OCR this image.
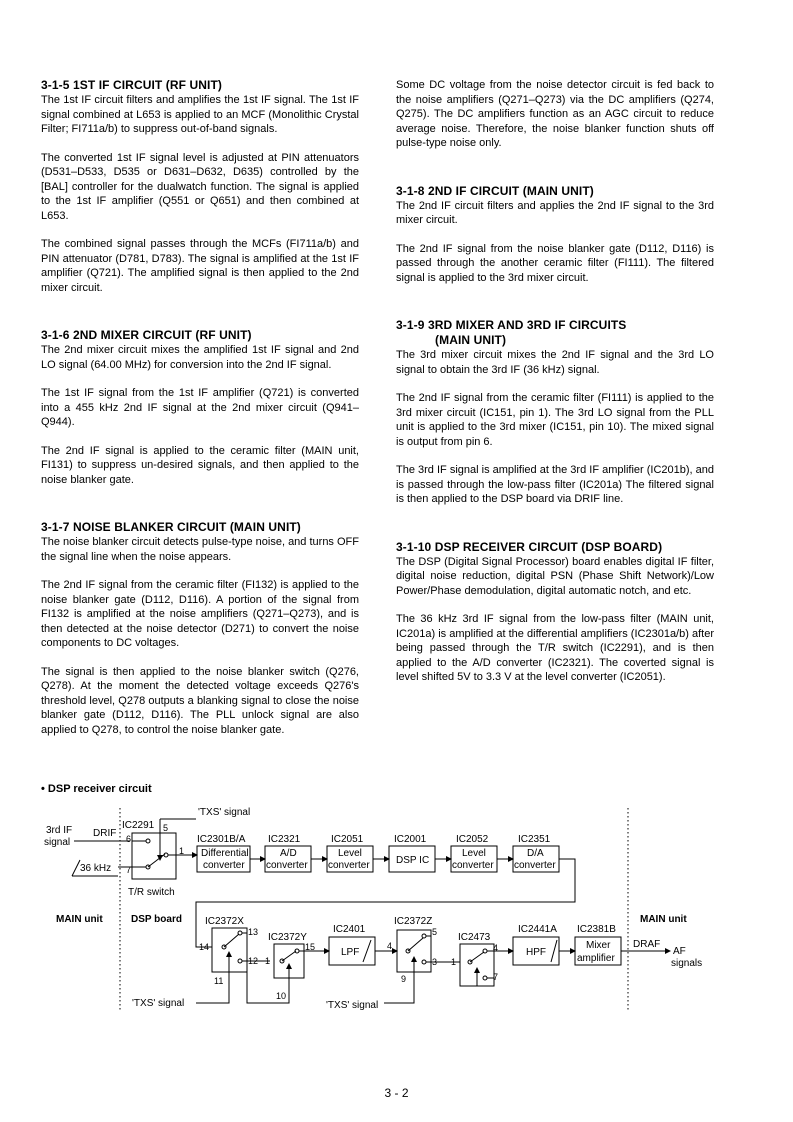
3-1-5 1ST IF CIRCUIT (RF UNIT)

The 1st IF circuit filters and amplifies the 1st IF signal. The 1st IF signal combined at L653 is applied to an MCF (Monolithic Crystal Filter; FI711a/b) to suppress out-of-band signals.

The converted 1st IF signal level is adjusted at PIN attenuators (D531–D533, D535 or D631–D632, D635) controlled by the [BAL] controller for the dualwatch function. The signal is applied to the 1st IF amplifier (Q551 or Q651) and then combined at L653.

The combined signal passes through the MCFs (FI711a/b) and PIN attenuator (D781, D783). The signal is amplified at the 1st IF amplifier (Q721). The amplified signal is then applied to the 2nd mixer circuit.

3-1-6 2ND MIXER CIRCUIT (RF UNIT)

The 2nd mixer circuit mixes the amplified 1st IF signal and 2nd LO signal (64.00 MHz) for conversion into the 2nd IF signal.

The 1st IF signal from the 1st IF amplifier (Q721) is converted into a 455 kHz 2nd IF signal at the 2nd mixer circuit (Q941–Q944).

The 2nd IF signal is applied to the ceramic filter (MAIN unit, FI131) to suppress un-desired signals, and then applied to the noise blanker gate.

3-1-7 NOISE BLANKER CIRCUIT (MAIN UNIT)

The noise blanker circuit detects pulse-type noise, and turns OFF the signal line when the noise appears.

The 2nd IF signal from the ceramic filter (FI132) is applied to the noise blanker gate (D112, D116). A portion of the signal from FI132 is amplified at the noise amplifiers (Q271–Q273), and is then detected at the noise detector (D271) to convert the noise components to DC voltages.

The signal is then applied to the noise blanker switch (Q276, Q278). At the moment the detected voltage exceeds Q276's threshold level, Q278 outputs a blanking signal to close the noise blanker gate (D112, D116). The PLL unlock signal are also applied to Q278, to control the noise blanker gate.

Some DC voltage from the noise detector circuit is fed back to the noise amplifiers (Q271–Q273) via the DC amplifiers (Q274, Q275). The DC amplifiers function as an AGC circuit to reduce average noise. Therefore, the noise blanker function shuts off pulse-type noise only.

3-1-8 2ND IF CIRCUIT (MAIN UNIT)

The 2nd IF circuit filters and applies the 2nd IF signal to the 3rd mixer circuit.

The 2nd IF signal from the noise blanker gate (D112, D116) is passed through the another ceramic filter (FI111). The filtered signal is applied to the 3rd mixer circuit.

3-1-9 3RD MIXER AND 3RD IF CIRCUITS
(MAIN UNIT)

The 3rd mixer circuit mixes the 2nd IF signal and the 3rd LO signal to obtain the 3rd IF (36 kHz) signal.

The 2nd IF signal from the ceramic filter (FI111) is applied to the 3rd mixer circuit (IC151, pin 1). The 3rd LO signal from the PLL unit is applied to the 3rd mixer (IC151, pin 10). The mixed signal is output from pin 6.

The 3rd IF signal is amplified at the 3rd IF amplifier (IC201b), and is passed through the low-pass filter (IC201a) The filtered signal is then applied to the DSP board via DRIF line.

3-1-10 DSP RECEIVER CIRCUIT (DSP BOARD)

The DSP (Digital Signal Processor) board enables digital IF filter, digital noise reduction, digital PSN (Phase Shift Network)/Low Power/Phase demodulation, digital automatic notch, and etc.

The 36 kHz 3rd IF signal from the low-pass filter (MAIN unit, IC201a) is amplified at the differential amplifiers (IC2301a/b) after being passed through the T/R switch (IC2291), and is then applied to the A/D converter (IC2321). The coverted signal is level shifted 5V to 3.3 V at the level converter (IC2051).

• DSP receiver circuit
3rd IF
signal
DRIF
36 kHz
IC2291
6
7
5
1
'TXS' signal
T/R switch
IC2301B/A
Differential
converter
IC2321
A/D
converter
IC2051
Level
converter
IC2001
DSP IC
IC2052
Level
converter
IC2351
D/A
converter
MAIN unit	DSP board	MAIN unit
IC2372X
14
13
12
11
'TXS' signal
IC2372Y
1
15
10
IC2401
LPF
IC2372Z
4
5
3
9
'TXS' signal
IC2473
1
4
7
IC2441A
HPF
IC2381B
Mixer
amplifier
DRAF
AF
signals
3 - 2
